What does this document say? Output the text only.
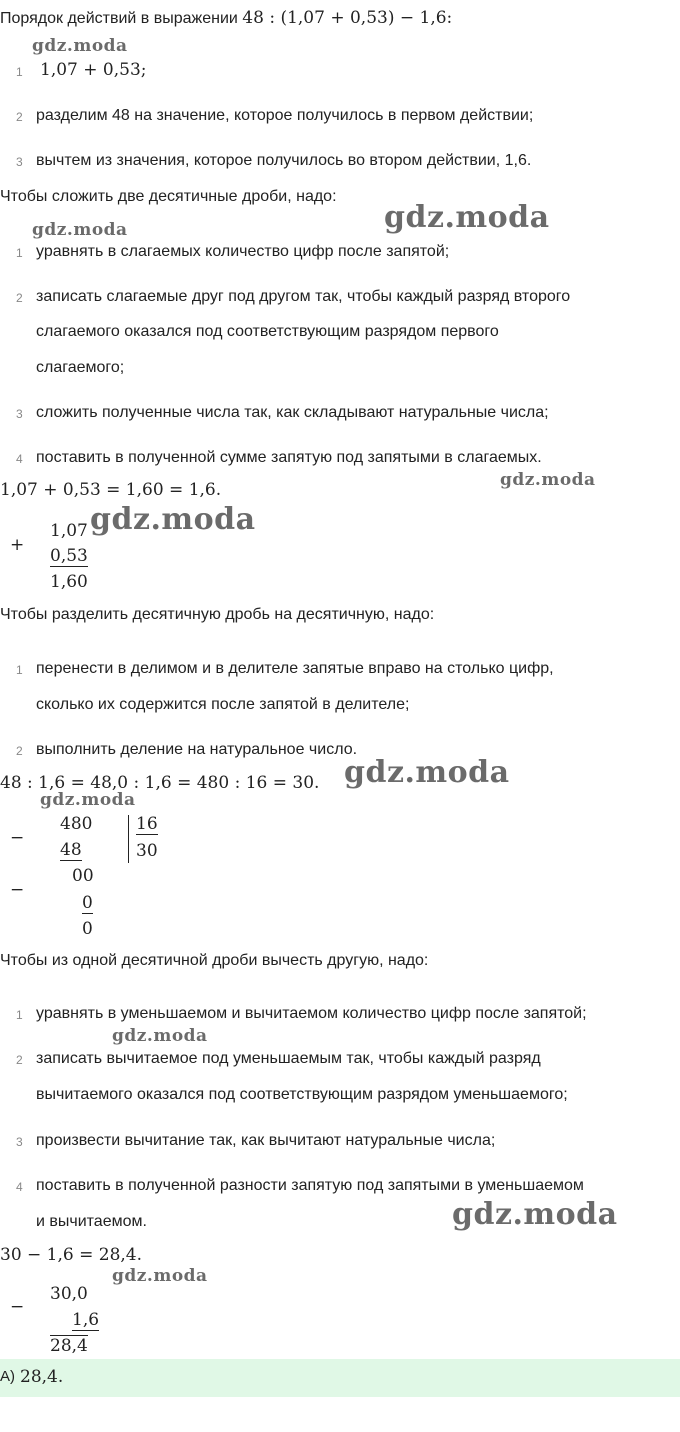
Порядок действий в выражении 48 : (1,07 + 0,53) − 1,6:
gdz.moda
1 1,07 + 0,53;
2 разделим 48 на значение, которое получилось в первом действии;
3 вычтем из значения, которое получилось во втором действии, 1,6.
Чтобы сложить две десятичные дроби, надо:
gdz.moda	gdz.moda
1 уравнять в слагаемых количество цифр после запятой;
2 записать слагаемые друг под другом так, чтобы каждый разряд второго
слагаемого оказался под соответствующим разрядом первого
слагаемого;
3 сложить полученные числа так, как складывают натуральные числа;
4 поставить в полученной сумме запятую под запятыми в слагаемых.
1,07 + 0,53 = 1,60 = 1,6.	gdz.moda
+
1,07 gdz.moda
0,53
1,60
Чтобы разделить десятичную дробь на десятичную, надо:
1 перенести в делимом и в делителе запятые вправо на столько цифр,
сколько их содержится после запятой в делителе;
2 выполнить деление на натуральное число.
48 : 1,6 = 48,0 : 1,6 = 480 : 16 = 30. gdz.moda
gdz.moda
−
480	16
30
48
00
−
0
0
Чтобы из одной десятичной дроби вычесть другую, надо:
1 уравнять в уменьшаемом и вычитаемом количество цифр после запятой;
gdz.moda
2 записать вычитаемое под уменьшаемым так, чтобы каждый разряд
вычитаемого оказался под соответствующим разрядом уменьшаемого;
3 произвести вычитание так, как вычитают натуральные числа;
4 поставить в полученной разности запятую под запятыми в уменьшаемом
и вычитаемом.	gdz.moda
30 − 1,6 = 28,4.
gdz.moda
−
30,0
1,6
28,4
А) 28,4.
